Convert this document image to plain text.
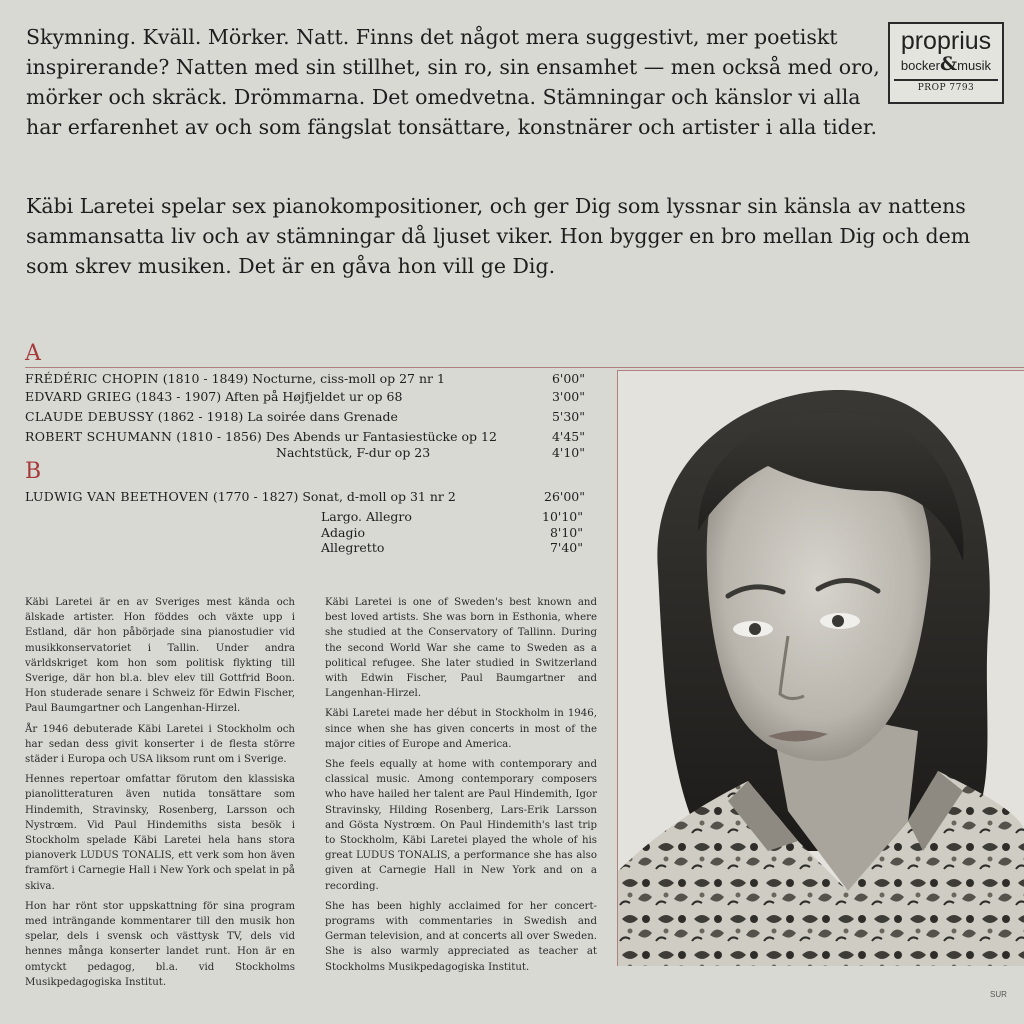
Skymning. Kväll. Mörker. Natt. Finns det något mera suggestivt, mer poetiskt inspirerande? Natten med sin stillhet, sin ro, sin ensamhet — men också med oro, mörker och skräck. Drömmarna. Det omedvetna. Stämningar och känslor vi alla har erfarenhet av och som fängslat tonsättare, konstnärer och artister i alla tider.

Käbi Laretei spelar sex pianokompositioner, och ger Dig som lyssnar sin känsla av nattens sammansatta liv och av stämningar då ljuset viker. Hon bygger en bro mellan Dig och dem som skrev musiken. Det är en gåva hon vill ge Dig.

proprius
bocker&musik
PROP 7793
A
FRÉDÉRIC CHOPIN (1810 - 1849) Nocturne, ciss-moll op 27 nr 1	6'00"
EDVARD GRIEG (1843 - 1907) Aften på Højfjeldet ur op 68	3'00"
CLAUDE DEBUSSY (1862 - 1918) La soirée dans Grenade	5'30"
ROBERT SCHUMANN (1810 - 1856) Des Abends ur Fantasiestücke op 12	4'45"
Nachtstück, F-dur op 23	4'10"
B
LUDWIG VAN BEETHOVEN (1770 - 1827) Sonat, d-moll op 31 nr 2	26'00"
Largo. Allegro	10'10"
Adagio	8'10"
Allegretto	7'40"

Käbi Laretei är en av Sveriges mest kända och älskade artister. Hon föddes och växte upp i Estland, där hon påbörjade sina pianostudier vid musikkonservatoriet i Tallin. Under andra världskriget kom hon som politisk flykting till Sverige, där hon bl.a. blev elev till Gottfrid Boon. Hon studerade senare i Schweiz för Edwin Fischer, Paul Baumgartner och Langenhan-Hirzel.

År 1946 debuterade Käbi Laretei i Stockholm och har sedan dess givit konserter i de flesta större städer i Europa och USA liksom runt om i Sverige.

Hennes repertoar omfattar förutom den klassiska pianolitteraturen även nutida tonsättare som Hindemith, Stravinsky, Rosenberg, Larsson och Nystrœm. Vid Paul Hindemiths sista besök i Stockholm spelade Käbi Laretei hela hans stora pianoverk LUDUS TONALIS, ett verk som hon även framfört i Carnegie Hall i New York och spelat in på skiva.

Hon har rönt stor uppskattning för sina program med inträngande kommentarer till den musik hon spelar, dels i svensk och västtysk TV, dels vid hennes många konserter landet runt. Hon är en omtyckt pedagog, bl.a. vid Stockholms Musikpedagogiska Institut.

Käbi Laretei is one of Sweden's best known and best loved artists. She was born in Esthonia, where she studied at the Conservatory of Tallinn. During the second World War she came to Sweden as a political refugee. She later studied in Switzerland with Edwin Fischer, Paul Baumgartner and Langenhan-Hirzel.

Käbi Laretei made her début in Stockholm in 1946, since when she has given concerts in most of the major cities of Europe and America.

She feels equally at home with contemporary and classical music. Among contemporary composers who have hailed her talent are Paul Hindemith, Igor Stravinsky, Hilding Rosenberg, Lars-Erik Larsson and Gösta Nystrœm. On Paul Hindemith's last trip to Stockholm, Käbi Laretei played the whole of his great LUDUS TONALIS, a performance she has also given at Carnegie Hall in New York and on a recording.

She has been highly acclaimed for her concert-programs with commentaries in Swedish and German television, and at concerts all over Sweden. She is also warmly appreciated as teacher at Stockholms Musikpedagogiska Institut.

SUR
